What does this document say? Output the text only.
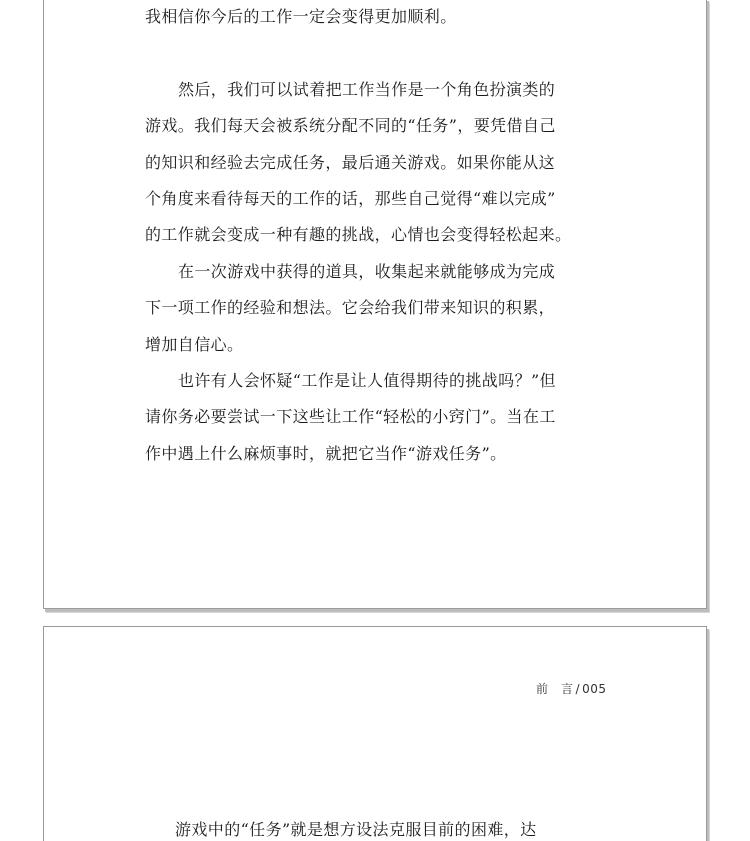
我相信你今后的工作一定会变得更加顺利。
然后，我们可以试着把工作当作是一个角色扮演类的
游戏。我们每天会被系统分配不同的“任务”，要凭借自己
的知识和经验去完成任务，最后通关游戏。如果你能从这
个角度来看待每天的工作的话，那些自己觉得“难以完成”
的工作就会变成一种有趣的挑战，心情也会变得轻松起来。
在一次游戏中获得的道具，收集起来就能够成为完成
下一项工作的经验和想法。它会给我们带来知识的积累，
增加自信心。
也许有人会怀疑“工作是让人值得期待的挑战吗？”但
请你务必要尝试一下这些让工作“轻松的小窍门”。当在工
作中遇上什么麻烦事时，就把它当作“游戏任务”。
前　言 / 005
游戏中的“任务”就是想方设法克服目前的困难，达
